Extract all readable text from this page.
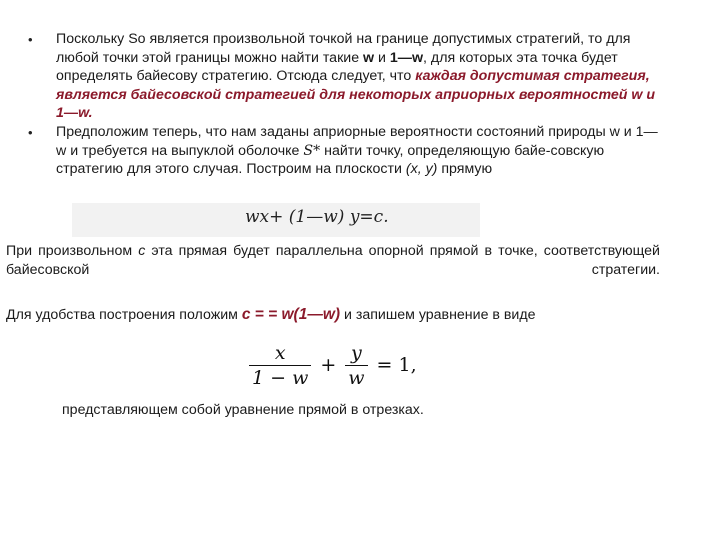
• Поскольку So является произвольной точкой на границе допустимых стратегий, то для любой точки этой границы можно найти такие w и 1—w, для которых эта точка будет определять байесову стратегию. Отсюда следует, что каждая допустимая стратегия, является байесовской стратегией для некоторых априорных вероятностей w и 1—w.
• Предположим теперь, что нам заданы априорные вероятности состояний природы w и 1—w и требуется на выпуклой оболочке S* найти точку, определяющую байе-совскую стратегию для этого случая. Построим на плоскости (x, y) прямую
wx+ (1—w) y=c.
При произвольном с эта прямая будет параллельна опорной прямой в точке, соответствующей байесовской стратегии.
Для удобства построения положим с = = w(1—w) и запишем уравнение в виде
$\frac{x}{1 - w} + \frac{y}{w} = 1$,
представляющем собой уравнение прямой в отрезках.
